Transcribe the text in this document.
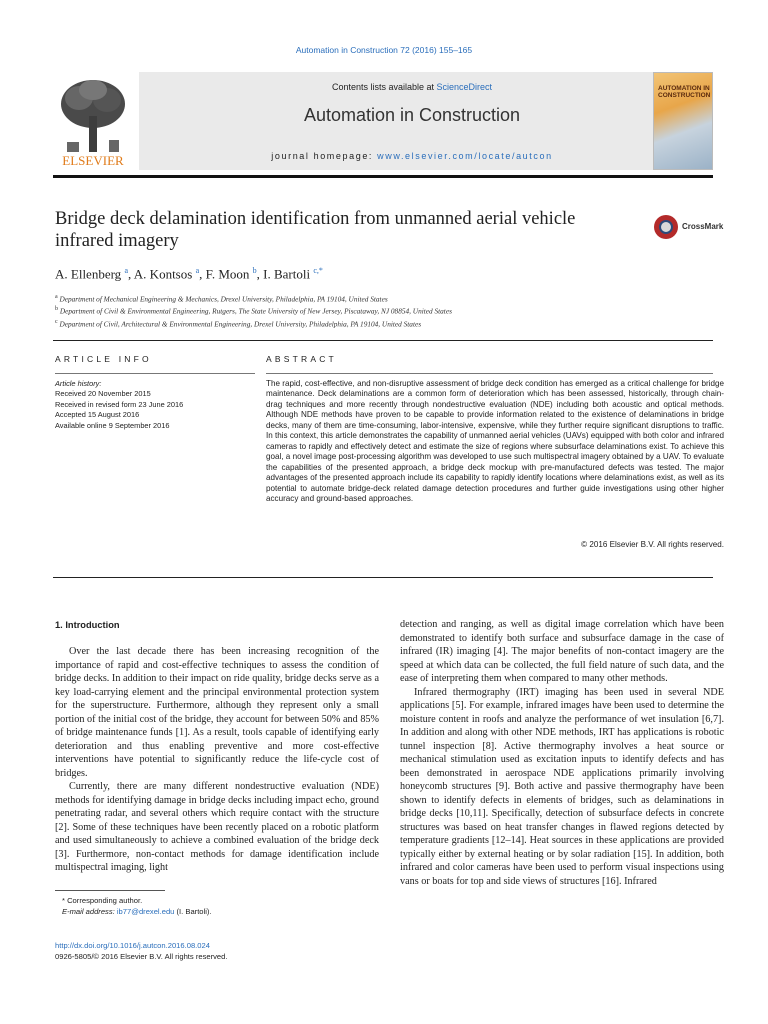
Automation in Construction 72 (2016) 155–165
ELSEVIER
Contents lists available at ScienceDirect
Automation in Construction
journal homepage: www.elsevier.com/locate/autcon
AUTOMATION IN CONSTRUCTION
Bridge deck delamination identification from unmanned aerial vehicle infrared imagery
CrossMark
A. Ellenberg $^a$, A. Kontsos $^a$, F. Moon $^b$, I. Bartoli $^{c,*}$
$^a$ Department of Mechanical Engineering & Mechanics, Drexel University, Philadelphia, PA 19104, United States
$^b$ Department of Civil & Environmental Engineering, Rutgers, The State University of New Jersey, Piscataway, NJ 08854, United States
$^c$ Department of Civil, Architectural & Environmental Engineering, Drexel University, Philadelphia, PA 19104, United States
ARTICLE INFO	ABSTRACT
Article history:
Received 20 November 2015
Received in revised form 23 June 2016
Accepted 15 August 2016
Available online 9 September 2016
The rapid, cost-effective, and non-disruptive assessment of bridge deck condition has emerged as a critical challenge for bridge maintenance. Deck delaminations are a common form of deterioration which has been assessed, historically, through chain-drag techniques and more recently through nondestructive evaluation (NDE) including both acoustic and optical methods. Although NDE methods have proven to be capable to provide information related to the existence of delaminations in bridge decks, many of them are time-consuming, labor-intensive, expensive, while they further require significant disruptions to traffic. In this context, this article demonstrates the capability of unmanned aerial vehicles (UAVs) equipped with both color and infrared cameras to rapidly and effectively detect and estimate the size of regions where subsurface delaminations exist. To achieve this goal, a novel image post-processing algorithm was developed to use such multispectral imagery obtained by a UAV. To evaluate the capabilities of the presented approach, a bridge deck mockup with pre-manufactured defects was tested. The major advantages of the presented approach include its capability to rapidly identify locations where delaminations exist, as well as its potential to automate bridge-deck related damage detection procedures and further guide investigations using other higher accuracy and ground-based approaches.
© 2016 Elsevier B.V. All rights reserved.
1. Introduction

Over the last decade there has been increasing recognition of the importance of rapid and cost-effective techniques to assess the condition of bridge decks. In addition to their impact on ride quality, bridge decks serve as a key load-carrying element and the principal environmental protection system for the superstructure. Furthermore, although they represent only a small portion of the initial cost of the bridge, they account for between 50% and 85% of bridge maintenance funds [1]. As a result, tools capable of identifying early deterioration and thus enabling preventive and more cost-effective interventions have potential to significantly reduce the life-cycle cost of bridges.

Currently, there are many different nondestructive evaluation (NDE) methods for identifying damage in bridge decks including impact echo, ground penetrating radar, and several others which require contact with the structure [2]. Some of these techniques have been recently placed on a robotic platform and used simultaneously to achieve a combined evaluation of the bridge deck [3]. Furthermore, non-contact methods for damage identification include multispectral imaging, light

detection and ranging, as well as digital image correlation which have been demonstrated to identify both surface and subsurface damage in the case of infrared (IR) imaging [4]. The major benefits of non-contact imagery are the speed at which data can be collected, the full field nature of such data, and the ease of interpreting them when compared to many other methods.

Infrared thermography (IRT) imaging has been used in several NDE applications [5]. For example, infrared images have been used to determine the moisture content in roofs and analyze the performance of wet insulation [6,7]. In addition and along with other NDE methods, IRT has applications is robotic tunnel inspection [8]. Active thermography involves a heat source or mechanical stimulation used as excitation inputs to identify defects and has been demonstrated in aerospace NDE applications primarily involving honeycomb structures [9]. Both active and passive thermography have been shown to identify defects in elements of bridges, such as delaminations in bridge decks [10,11]. Specifically, detection of subsurface defects in concrete structures was based on heat transfer changes in flawed regions detected by temperature gradients [12–14]. Heat sources in these applications are provided typically either by external heating or by solar radiation [15]. In addition, both infrared and color cameras have been used to perform visual inspections using vans or boats for top and side views of structures [16]. Infrared

* Corresponding author.
E-mail address: ib77@drexel.edu (I. Bartoli).
http://dx.doi.org/10.1016/j.autcon.2016.08.024
0926-5805/© 2016 Elsevier B.V. All rights reserved.
